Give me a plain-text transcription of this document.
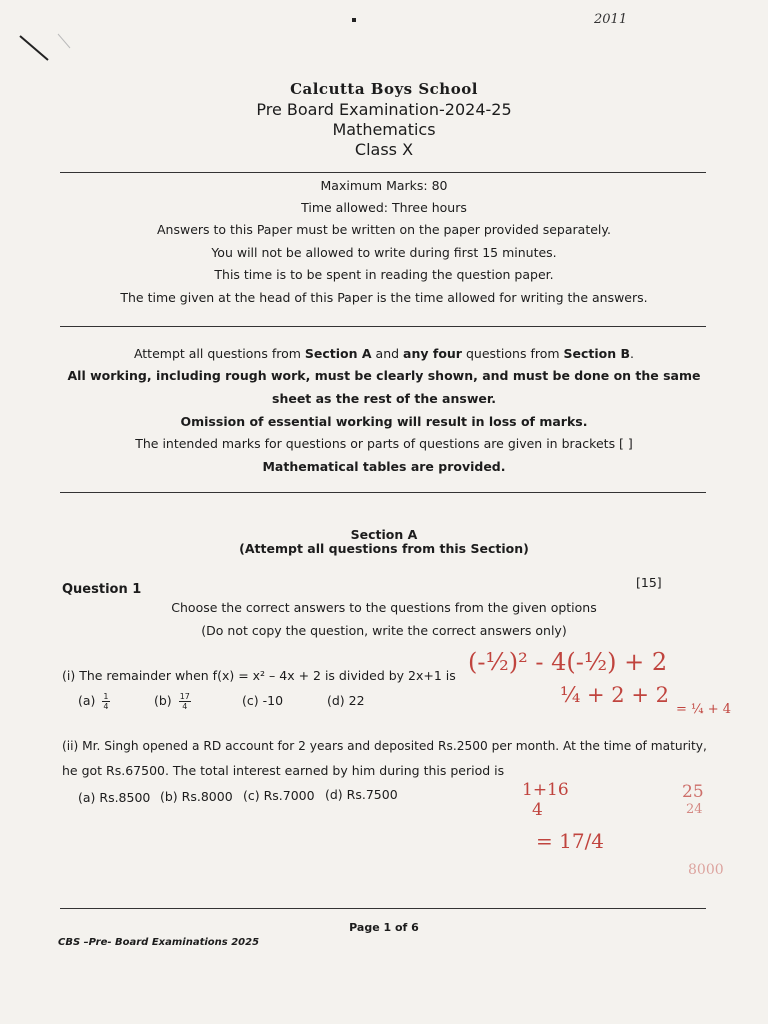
2011
Calcutta Boys School
Pre Board Examination-2024-25
Mathematics
Class X
Maximum Marks: 80
Time allowed: Three hours
Answers to this Paper must be written on the paper provided separately.
You will not be allowed to write during first 15 minutes.
This time is to be spent in reading the question paper.
The time given at the head of this Paper is the time allowed for writing the answers.
Attempt all questions from Section A and any four questions from Section B.
All working, including rough work, must be clearly shown, and must be done on the same
sheet as the rest of the answer.
Omission of essential working will result in loss of marks.
The intended marks for questions or parts of questions are given in brackets [ ]
Mathematical tables are provided.
Section A
(Attempt all questions from this Section)
Question 1	[15]
Choose the correct answers to the questions from the given options
(Do not copy the question, write the correct answers only)
(i) The remainder when f(x) = x² – 4x + 2 is divided by 2x+1 is
$(a) \frac{1}{4}$	$(b) \frac{17}{4}$	(c) -10	(d) 22
(ii) Mr. Singh opened a RD account for 2 years and deposited Rs.2500 per month. At the time of maturity,
he got Rs.67500. The total interest earned by him during this period is
(a) Rs.8500 (b) Rs.8000 (c) Rs.7000 (d) Rs.7500
(-½)² - 4(-½) + 2
¼ + 2 + 2
= ¼ + 4
1+16
4
= 17/4
25
24
8000
Page 1 of 6
CBS –Pre- Board Examinations 2025
